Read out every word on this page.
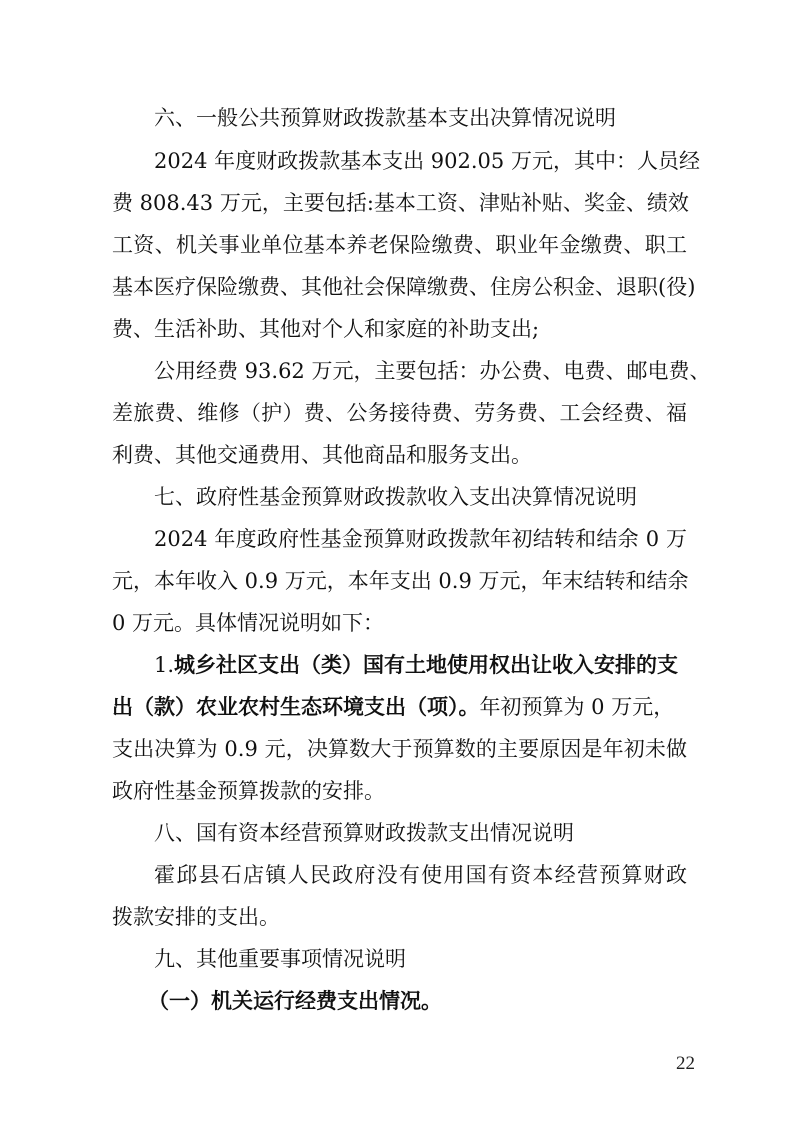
六、一般公共预算财政拨款基本支出决算情况说明
2024 年度财政拨款基本支出 902.05 万元，其中：人员经
费 808.43 万元，主要包括:基本工资、津贴补贴、奖金、绩效
工资、机关事业单位基本养老保险缴费、职业年金缴费、职工
基本医疗保险缴费、其他社会保障缴费、住房公积金、退职(役)
费、生活补助、其他对个人和家庭的补助支出;
公用经费 93.62 万元，主要包括：办公费、电费、邮电费、
差旅费、维修（护）费、公务接待费、劳务费、工会经费、福
利费、其他交通费用、其他商品和服务支出。
七、政府性基金预算财政拨款收入支出决算情况说明
2024 年度政府性基金预算财政拨款年初结转和结余 0 万
元，本年收入 0.9 万元，本年支出 0.9 万元，年末结转和结余
0 万元。具体情况说明如下：
1.城乡社区支出（类）国有土地使用权出让收入安排的支
出（款）农业农村生态环境支出（项）。年初预算为 0 万元，
支出决算为 0.9 元，决算数大于预算数的主要原因是年初未做
政府性基金预算拨款的安排。
八、国有资本经营预算财政拨款支出情况说明
霍邱县石店镇人民政府没有使用国有资本经营预算财政
拨款安排的支出。
九、其他重要事项情况说明
（一）机关运行经费支出情况。
22
